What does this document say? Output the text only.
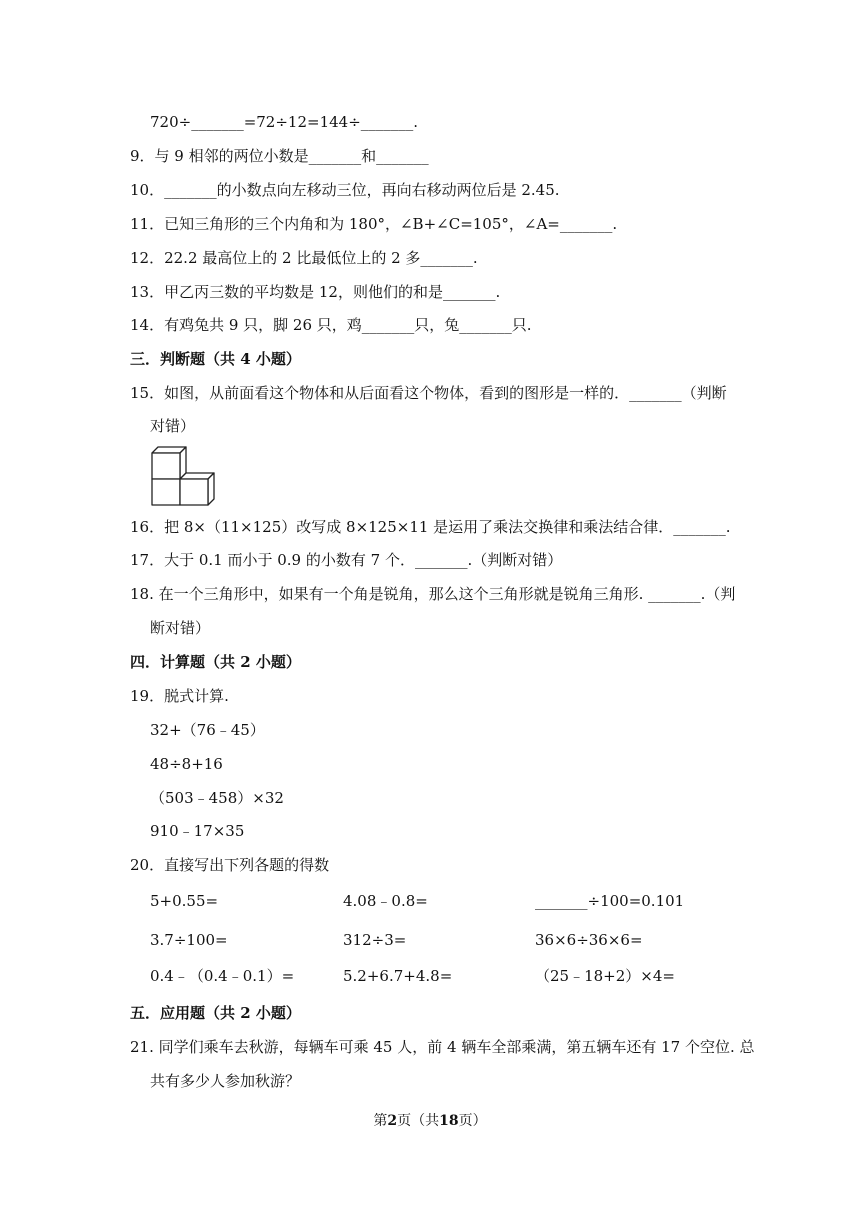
720÷_______=72÷12=144÷_______.
9．与 9 相邻的两位小数是_______和_______
10．_______的小数点向左移动三位，再向右移动两位后是 2.45.
11．已知三角形的三个内角和为 180°，∠B+∠C=105°，∠A=_______.
12．22.2 最高位上的 2 比最低位上的 2 多_______.
13．甲乙丙三数的平均数是 12，则他们的和是_______.
14．有鸡兔共 9 只，脚 26 只，鸡_______只，兔_______只.
三．判断题（共 4 小题）
15．如图，从前面看这个物体和从后面看这个物体，看到的图形是一样的．_______（判断
对错）
16．把 8×（11×125）改写成 8×125×11 是运用了乘法交换律和乘法结合律．_______.
17．大于 0.1 而小于 0.9 的小数有 7 个．_______.（判断对错）
18. 在一个三角形中，如果有一个角是锐角，那么这个三角形就是锐角三角形. _______.（判
断对错）
四．计算题（共 2 小题）
19．脱式计算.
32+（76﹣45）
48÷8+16
（503﹣458）×32
910﹣17×35
20．直接写出下列各题的得数
5+0.55=	4.08﹣0.8=	_______÷100=0.101
3.7÷100=	312÷3=	36×6÷36×6=
0.4﹣（0.4﹣0.1）=	5.2+6.7+4.8=	（25﹣18+2）×4=
五．应用题（共 2 小题）
21. 同学们乘车去秋游，每辆车可乘 45 人，前 4 辆车全部乘满，第五辆车还有 17 个空位. 总
共有多少人参加秋游？
第2页（共18页）
